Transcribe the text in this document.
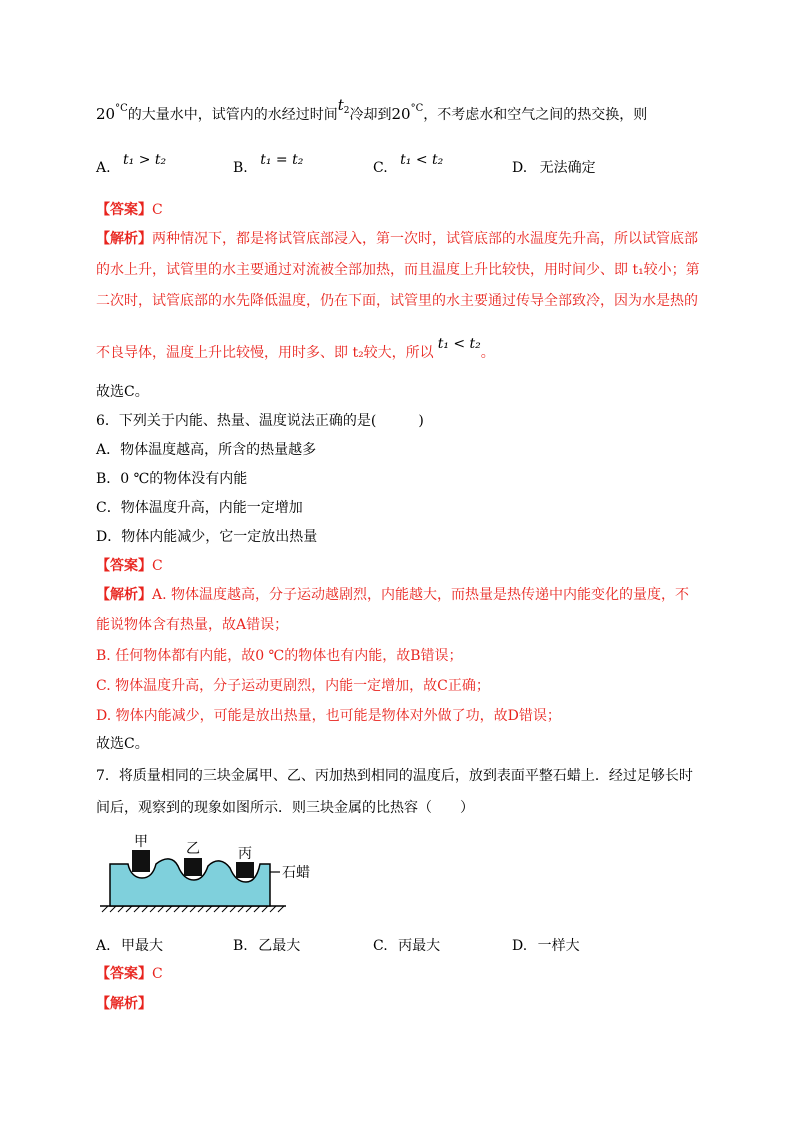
$20^{^\circ C}$的大量水中，试管内的水经过时间$t^2$冷却到$20^{^\circ C}$，不考虑水和空气之间的热交换，则
A. t₁ > t₂	B. t₁ = t₂	C. t₁ < t₂	D. 无法确定
【答案】C
【解析】两种情况下，都是将试管底部浸入，第一次时，试管底部的水温度先升高，所以试管底部
的水上升，试管里的水主要通过对流被全部加热，而且温度上升比较快，用时间少、即 t₁较小；第
二次时，试管底部的水先降低温度，仍在下面，试管里的水主要通过传导全部致冷，因为水是热的
不良导体，温度上升比较慢，用时多、即 t₂较大，所以t₁ < t₂。
故选C。
6．下列关于内能、热量、温度说法正确的是(　　　)
A．物体温度越高，所含的热量越多
B．0 ℃的物体没有内能
C．物体温度升高，内能一定增加
D．物体内能减少，它一定放出热量
【答案】C
【解析】A. 物体温度越高，分子运动越剧烈，内能越大，而热量是热传递中内能变化的量度，不
能说物体含有热量，故A错误；
B. 任何物体都有内能，故0 ℃的物体也有内能，故B错误；
C. 物体温度升高，分子运动更剧烈，内能一定增加，故C正确；
D. 物体内能减少，可能是放出热量，也可能是物体对外做了功，故D错误；
故选C。
7．将质量相同的三块金属甲、乙、丙加热到相同的温度后，放到表面平整石蜡上．经过足够长时
间后，观察到的现象如图所示．则三块金属的比热容（　　）
甲	乙	丙
石蜡
A. 甲最大	B. 乙最大	C. 丙最大	D. 一样大
【答案】C
【解析】
